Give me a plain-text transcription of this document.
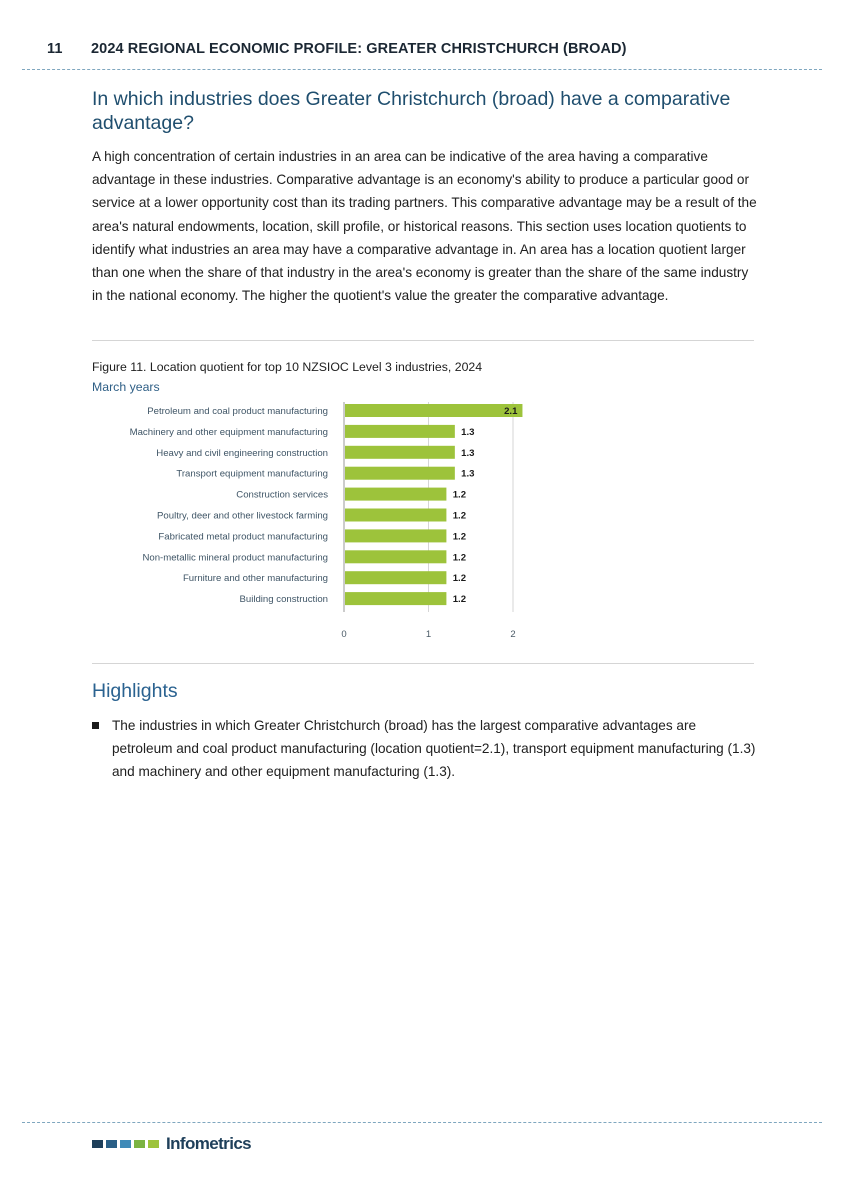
11 2024 REGIONAL ECONOMIC PROFILE: GREATER CHRISTCHURCH (BROAD)
In which industries does Greater Christchurch (broad) have a comparative advantage?
A high concentration of certain industries in an area can be indicative of the area having a comparative advantage in these industries. Comparative advantage is an economy's ability to produce a particular good or service at a lower opportunity cost than its trading partners. This comparative advantage may be a result of the area's natural endowments, location, skill profile, or historical reasons. This section uses location quotients to identify what industries an area may have a comparative advantage in. An area has a location quotient larger than one when the share of that industry in the area's economy is greater than the share of the same industry in the national economy. The higher the quotient's value the greater the comparative advantage.
Figure 11. Location quotient for top 10 NZSIOC Level 3 industries, 2024
March years
0	1	2
Petroleum and coal product manufacturing	2.1
Machinery and other equipment manufacturing	1.3
Heavy and civil engineering construction	1.3
Transport equipment manufacturing	1.3
Construction services	1.2
Poultry, deer and other livestock farming	1.2
Fabricated metal product manufacturing	1.2
Non-metallic mineral product manufacturing	1.2
Furniture and other manufacturing	1.2
Building construction	1.2
Highlights
The industries in which Greater Christchurch (broad) has the largest comparative advantages are petroleum and coal product manufacturing (location quotient=2.1), transport equipment manufacturing (1.3) and machinery and other equipment manufacturing (1.3).
Infometrics
